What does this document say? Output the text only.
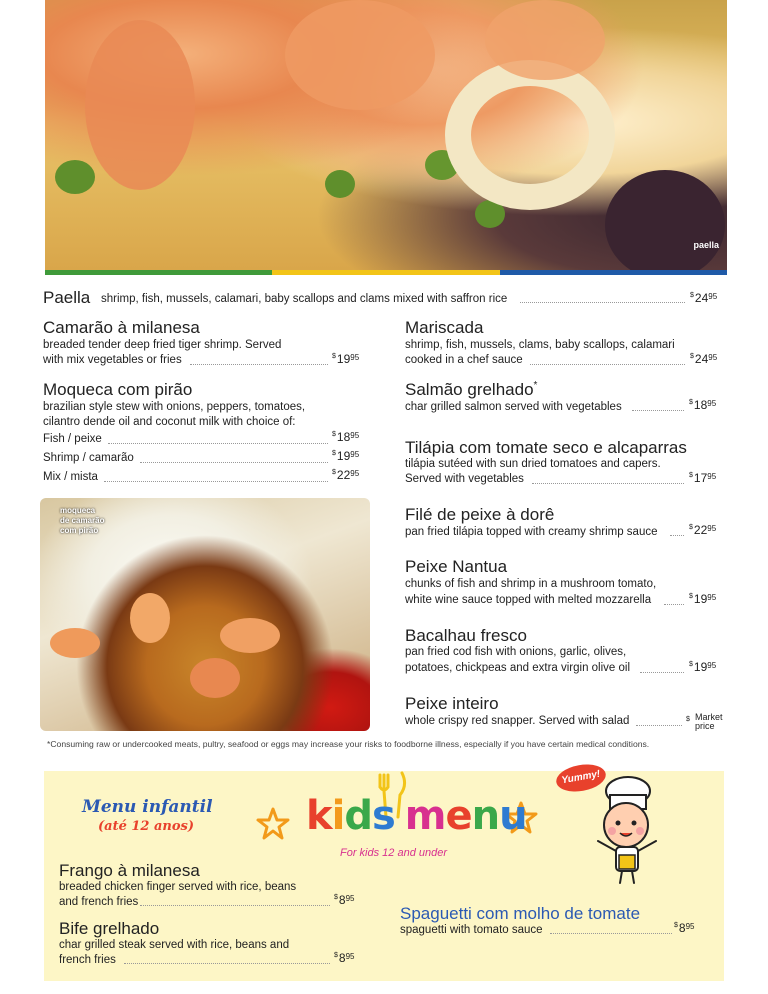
paella
Paella shrimp, fish, mussels, calamari, baby scallops and clams mixed with saffron rice	$^{\$}24^{95}$
Camarão à milanesa
breaded tender deep fried tiger shrimp. Served
with mix vegetables or fries	$^{\$}19^{95}$
Moqueca com pirão
brazilian style stew with onions, peppers, tomatoes,
cilantro dende oil and coconut milk with choice of:
Fish / peixe	$^{\$}18^{95}$
Shrimp / camarão	$^{\$}19^{95}$
Mix / mista	$^{\$}22^{95}$
moqueca
de camarão
com pirão
Mariscada
shrimp, fish, mussels, clams, baby scallops, calamari
cooked in a chef sauce	$^{\$}24^{95}$
Salmão grelhado*
char grilled salmon served with vegetables	$^{\$}18^{95}$
Tilápia com tomate seco e alcaparras
tilápia sutéed with sun dried tomatoes and capers.
Served with vegetables	$^{\$}17^{95}$
Filé de peixe à dorê
pan fried tilápia topped with creamy shrimp sauce	$^{\$}22^{95}$
Peixe Nantua
chunks of fish and shrimp in a mushroom tomato,
white wine sauce topped with melted mozzarella	$^{\$}19^{95}$
Bacalhau fresco
pan fried cod fish with onions, garlic, olives,
potatoes, chickpeas and extra virgin olive oil	$^{\$}19^{95}$
Peixe inteiro
whole crispy red snapper. Served with salad	$ Market
price
*Consuming raw or undercooked meats, pultry, seafood or eggs may increase your risks to foodborne illness, especially if you have certain medical conditions.
Menu infantil
(até 12 anos)	kids menu
For kids 12 and under
Yummy!
Frango à milanesa
breaded chicken finger served with rice, beans
and french fries	$^{\$}8^{95}$
Bife grelhado
char grilled steak served with rice, beans and
french fries	$^{\$}8^{95}$
Spaguetti com molho de tomate
spaguetti with tomato sauce	$^{\$}8^{95}$
